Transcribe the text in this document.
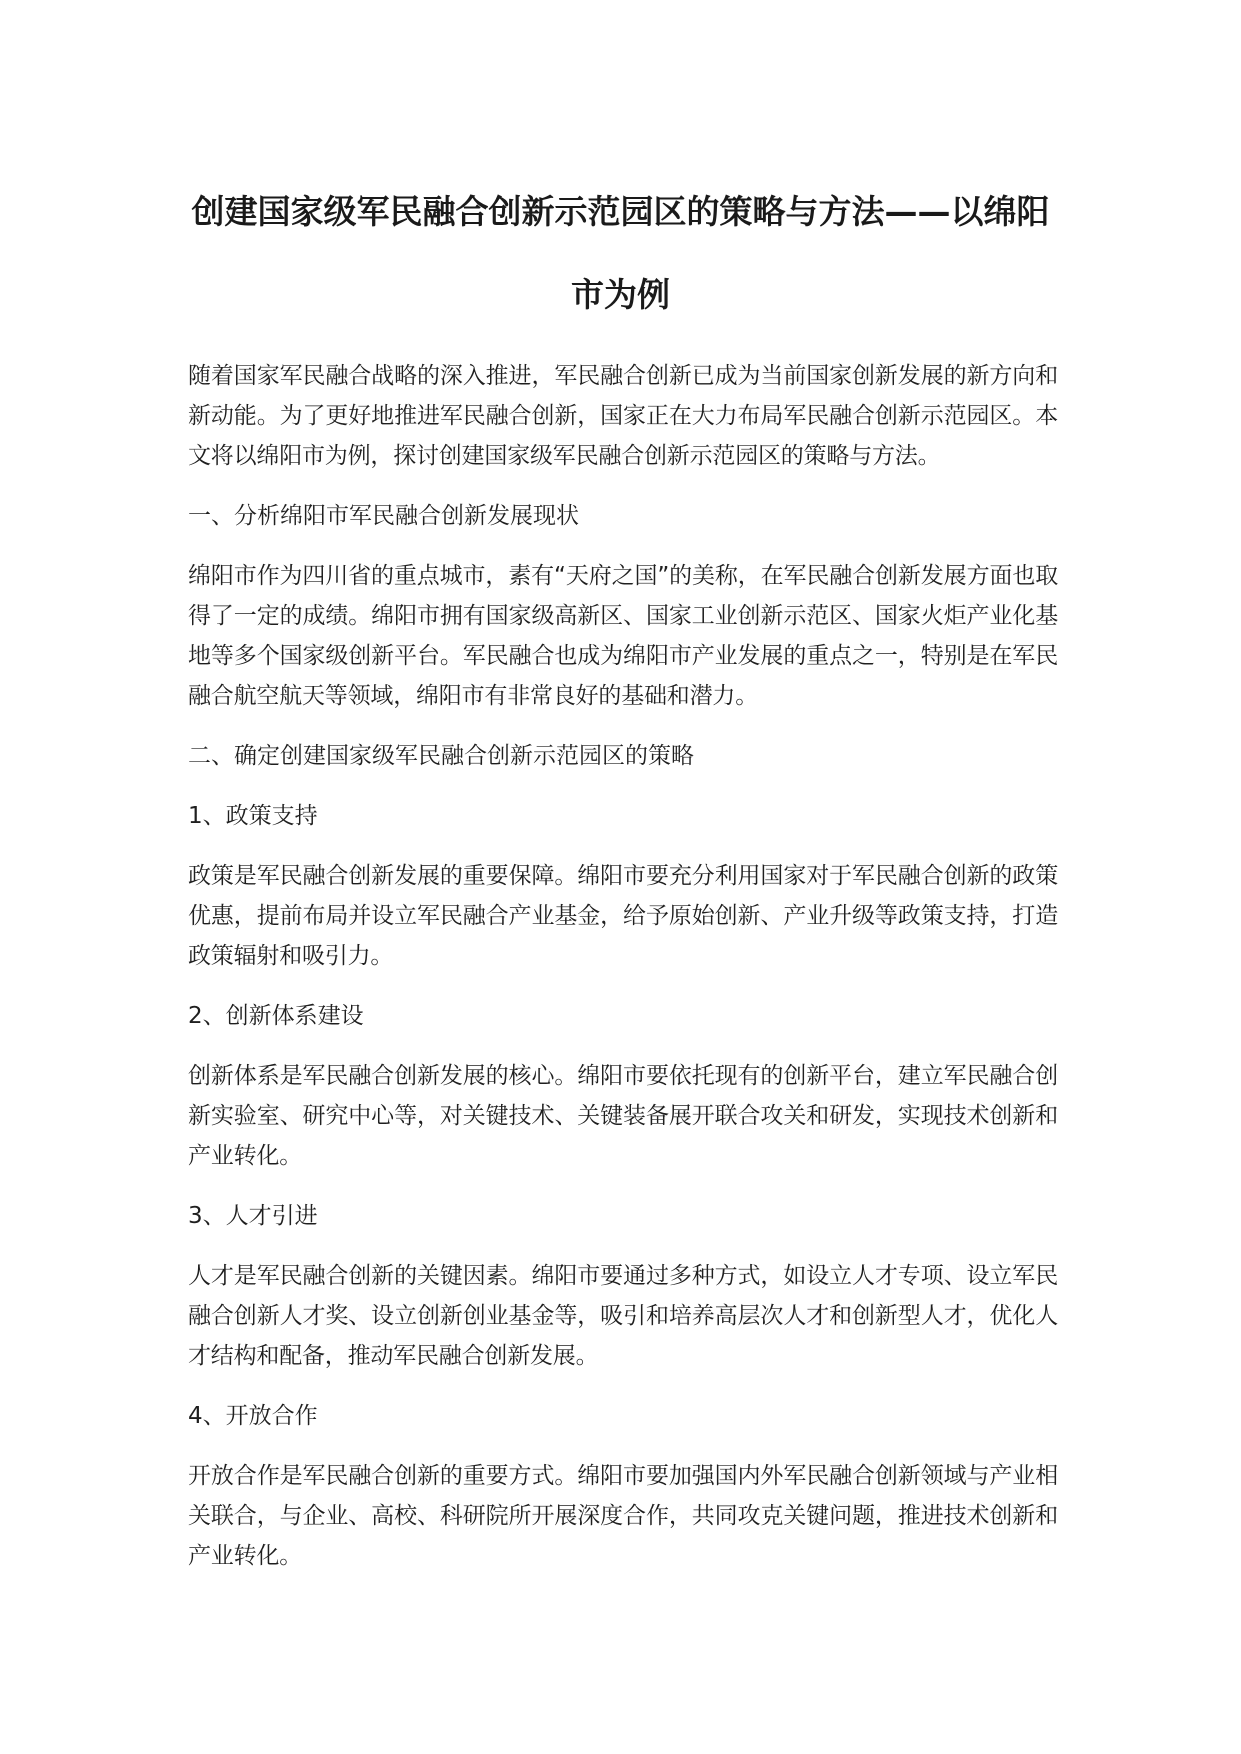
创建国家级军民融合创新示范园区的策略与方法——以绵阳市为例

随着国家军民融合战略的深入推进，军民融合创新已成为当前国家创新发展的新方向和新动能。为了更好地推进军民融合创新，国家正在大力布局军民融合创新示范园区。本文将以绵阳市为例，探讨创建国家级军民融合创新示范园区的策略与方法。

一、分析绵阳市军民融合创新发展现状

绵阳市作为四川省的重点城市，素有“天府之国”的美称，在军民融合创新发展方面也取得了一定的成绩。绵阳市拥有国家级高新区、国家工业创新示范区、国家火炬产业化基地等多个国家级创新平台。军民融合也成为绵阳市产业发展的重点之一，特别是在军民融合航空航天等领域，绵阳市有非常良好的基础和潜力。

二、确定创建国家级军民融合创新示范园区的策略

1、政策支持

政策是军民融合创新发展的重要保障。绵阳市要充分利用国家对于军民融合创新的政策优惠，提前布局并设立军民融合产业基金，给予原始创新、产业升级等政策支持，打造政策辐射和吸引力。

2、创新体系建设

创新体系是军民融合创新发展的核心。绵阳市要依托现有的创新平台，建立军民融合创新实验室、研究中心等，对关键技术、关键装备展开联合攻关和研发，实现技术创新和产业转化。

3、人才引进

人才是军民融合创新的关键因素。绵阳市要通过多种方式，如设立人才专项、设立军民融合创新人才奖、设立创新创业基金等，吸引和培养高层次人才和创新型人才，优化人才结构和配备，推动军民融合创新发展。

4、开放合作

开放合作是军民融合创新的重要方式。绵阳市要加强国内外军民融合创新领域与产业相关联合，与企业、高校、科研院所开展深度合作，共同攻克关键问题，推进技术创新和产业转化。
